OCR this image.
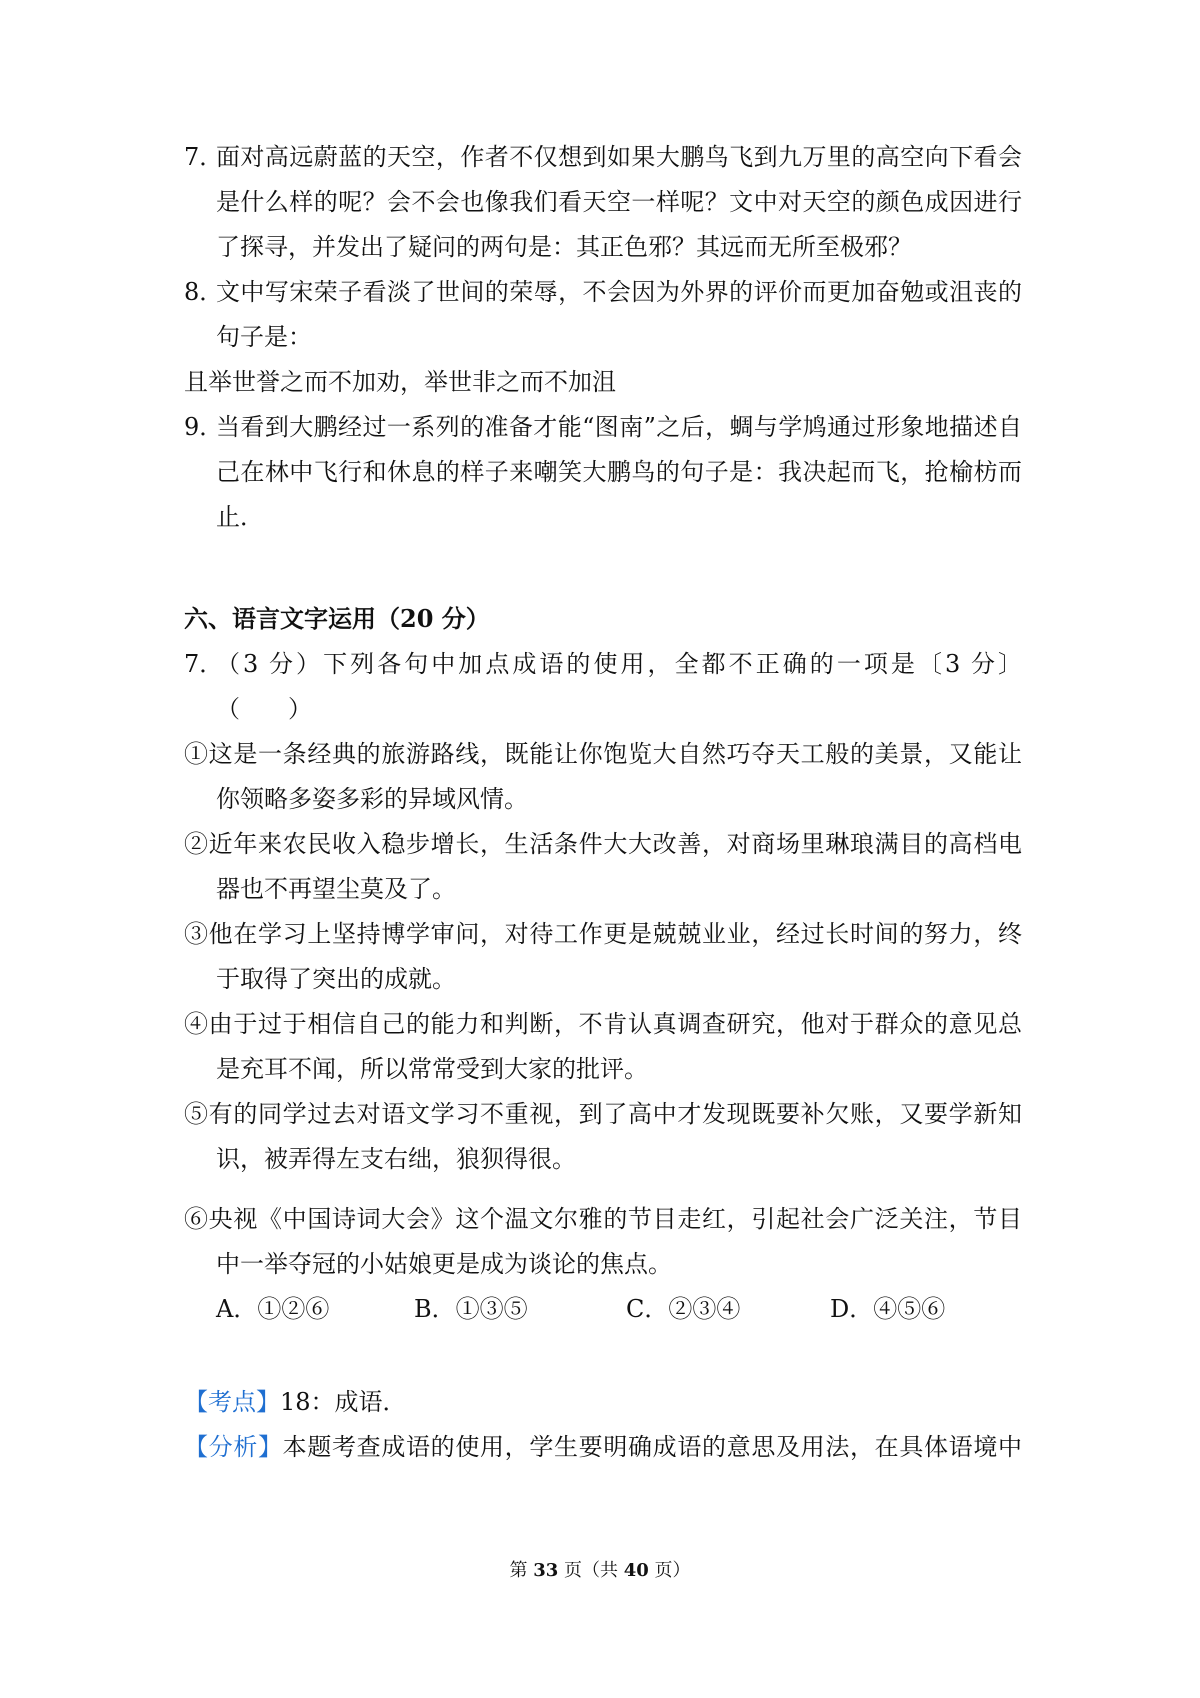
7．
面对高远蔚蓝的天空，作者不仅想到如果大鹏鸟飞到九万里的高空向下看会
是什么样的呢？会不会也像我们看天空一样呢？文中对天空的颜色成因进行
了探寻，并发出了疑问的两句是：其正色邪？其远而无所至极邪？
8．
文中写宋荣子看淡了世间的荣辱，不会因为外界的评价而更加奋勉或沮丧的
句子是：
且举世誉之而不加劝，举世非之而不加沮
9．
当看到大鹏经过一系列的准备才能“图南”之后，蜩与学鸠通过形象地描述自
己在林中飞行和休息的样子来嘲笑大鹏鸟的句子是：我决起而飞，抢榆枋而
止．
六、语言文字运用（20 分）
7．
（3 分）下列各句中加点成语的使用，全都不正确的一项是〔3 分〕
（　　）
①这是一条经典的旅游路线，既能让你饱览大自然巧夺天工般的美景，又能让
你领略多姿多彩的异域风情。
②近年来农民收入稳步增长，生活条件大大改善，对商场里琳琅满目的高档电
器也不再望尘莫及了。
③他在学习上坚持博学审问，对待工作更是兢兢业业，经过长时间的努力，终
于取得了突出的成就。
④由于过于相信自己的能力和判断，不肯认真调查研究，他对于群众的意见总
是充耳不闻，所以常常受到大家的批评。
⑤有的同学过去对语文学习不重视，到了高中才发现既要补欠账，又要学新知
识，被弄得左支右绌，狼狈得很。
⑥央视《中国诗词大会》这个温文尔雅的节目走红，引起社会广泛关注，节目
中一举夺冠的小姑娘更是成为谈论的焦点。
A．①②⑥	B．①③⑤	C．②③④	D．④⑤⑥
【考点】18：成语．
【分析】本题考查成语的使用，学生要明确成语的意思及用法，在具体语境中
第 33 页（共 40 页）
